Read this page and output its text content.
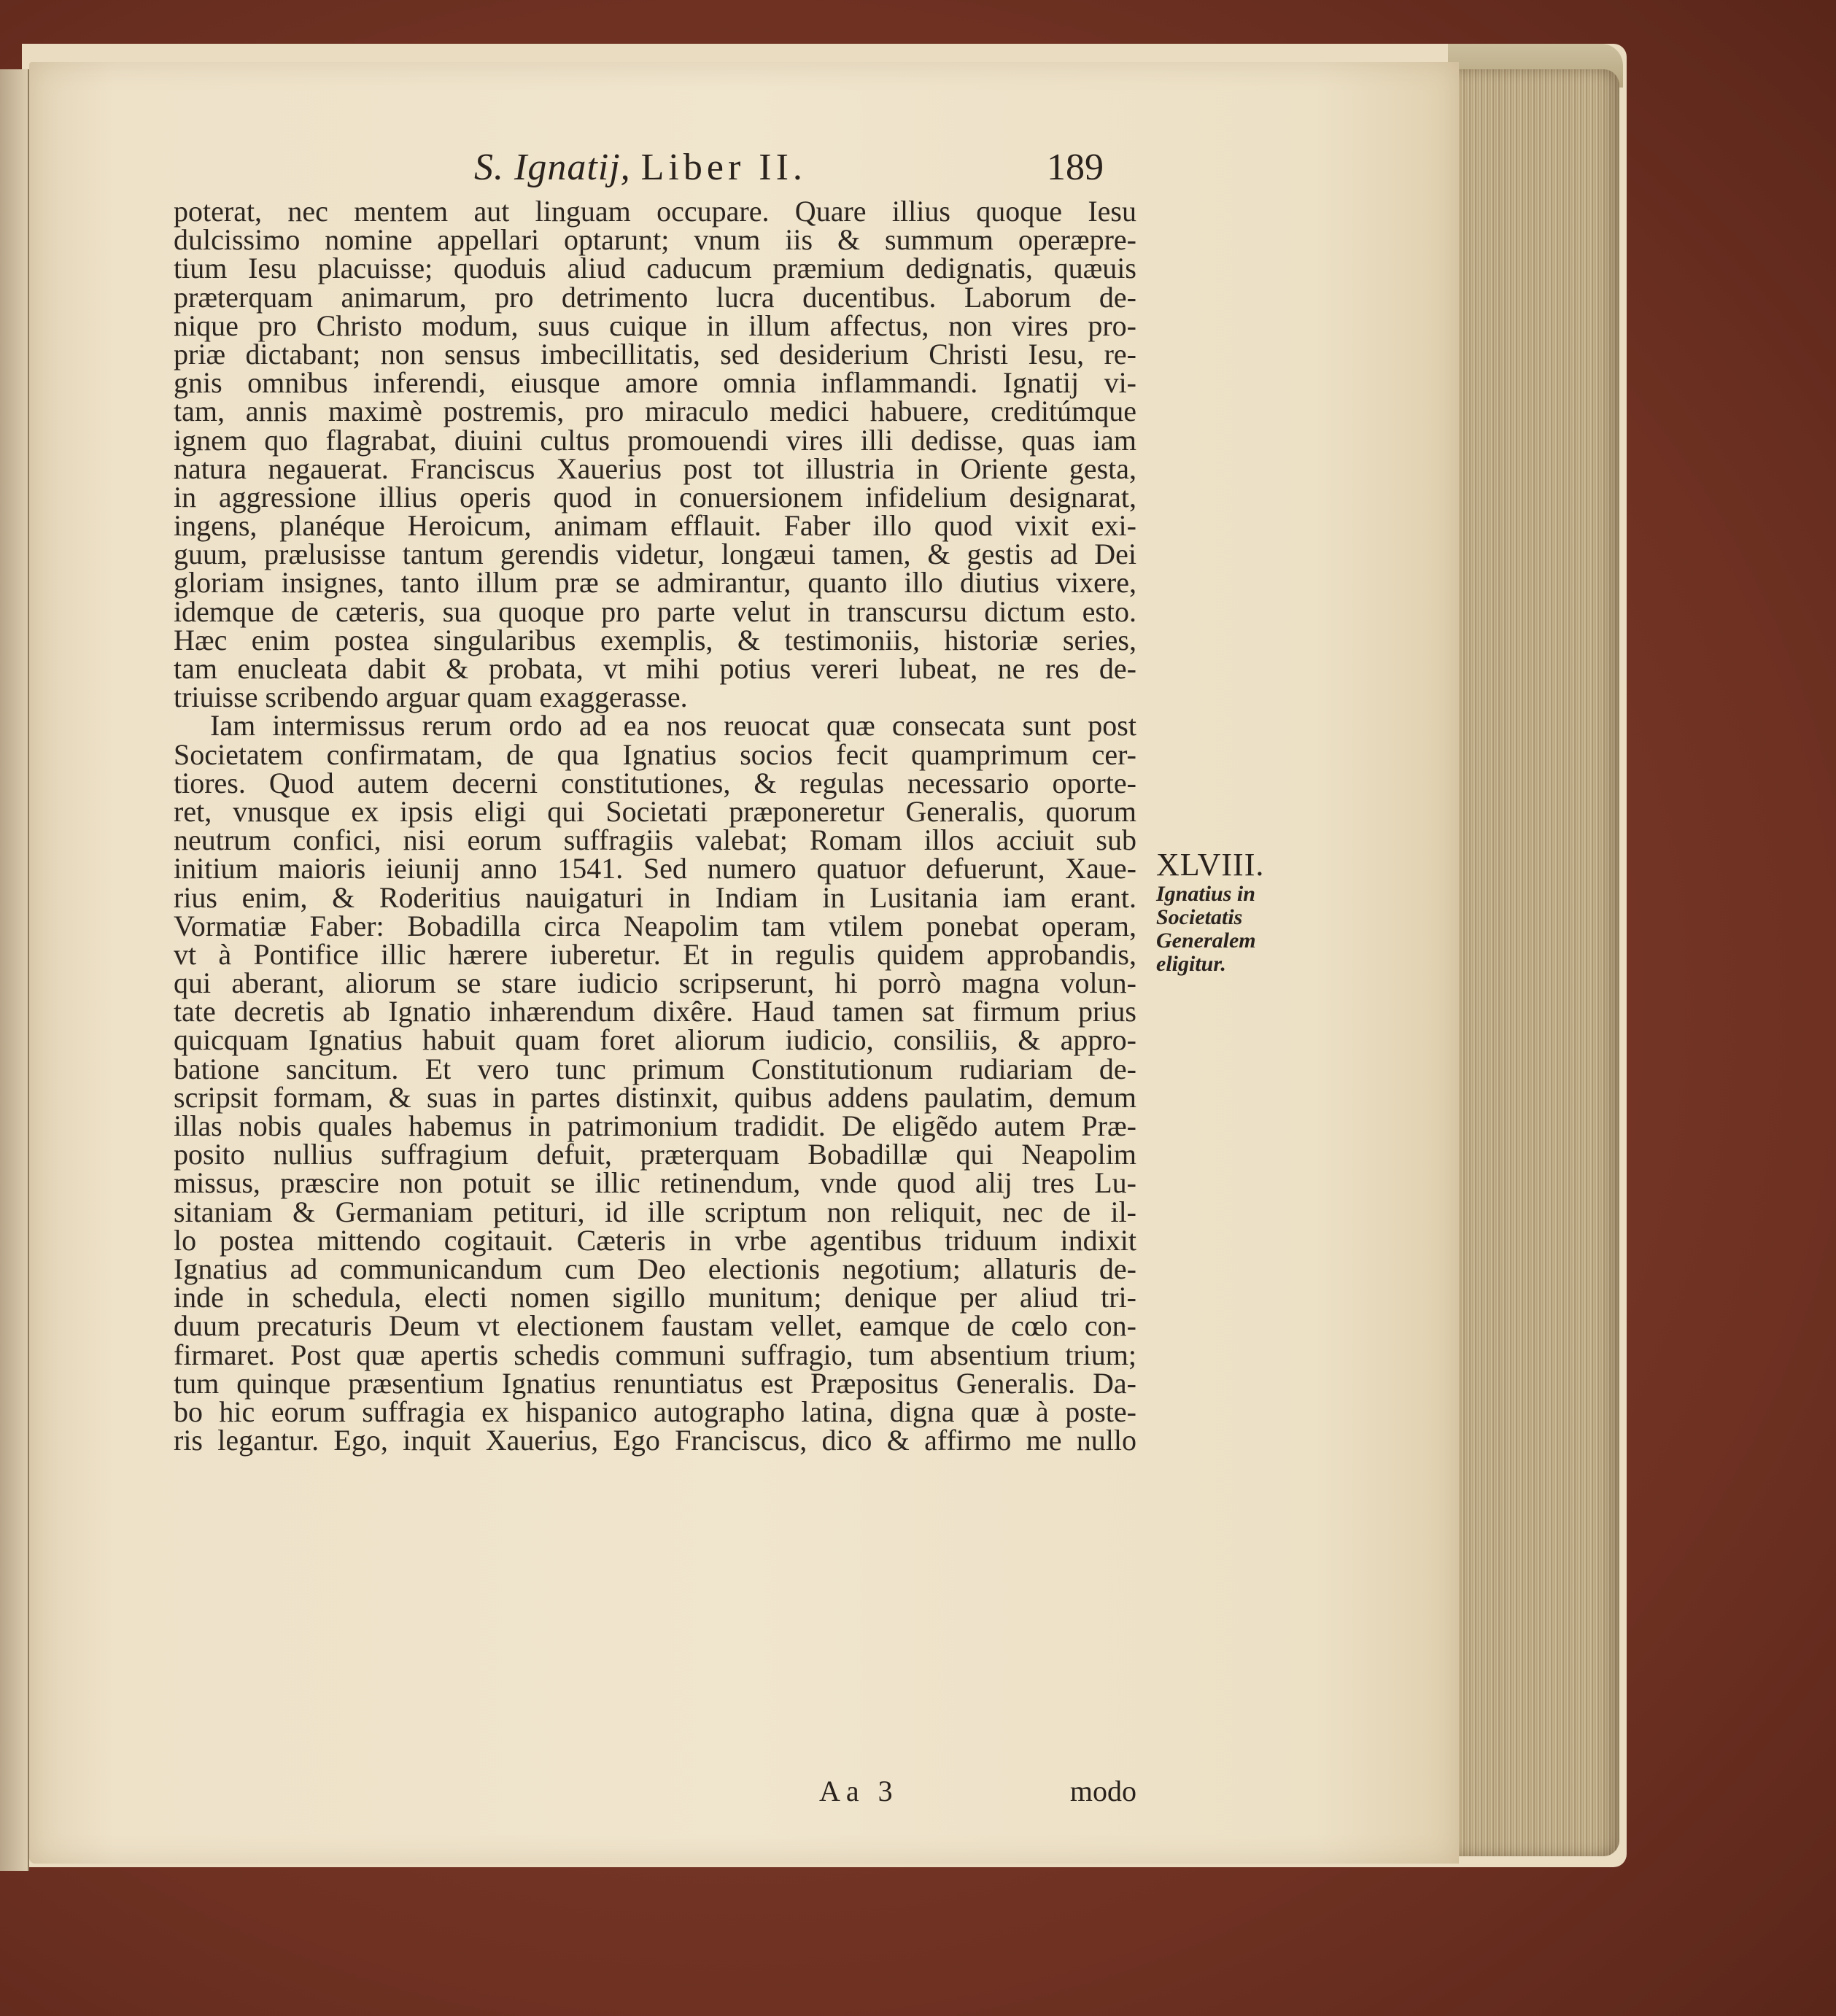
S. Ignatij, Liber II.	189
poterat, nec mentem aut linguam occupare. Quare illius quoque Iesu
dulcissimo nomine appellari optarunt; vnum iis & summum operæpre-
tium Iesu placuisse; quoduis aliud caducum præmium dedignatis, quæuis
præterquam animarum, pro detrimento lucra ducentibus. Laborum de-
nique pro Christo modum, suus cuique in illum affectus, non vires pro-
priæ dictabant; non sensus imbecillitatis, sed desiderium Christi Iesu, re-
gnis omnibus inferendi, eiusque amore omnia inflammandi. Ignatij vi-
tam, annis maximè postremis, pro miraculo medici habuere, creditúmque
ignem quo flagrabat, diuini cultus promouendi vires illi dedisse, quas iam
natura negauerat. Franciscus Xauerius post tot illustria in Oriente gesta,
in aggressione illius operis quod in conuersionem infidelium designarat,
ingens, planéque Heroicum, animam efflauit. Faber illo quod vixit exi-
guum, prælusisse tantum gerendis videtur, longæui tamen, & gestis ad Dei
gloriam insignes, tanto illum præ se admirantur, quanto illo diutius vixere,
idemque de cæteris, sua quoque pro parte velut in transcursu dictum esto.
Hæc enim postea singularibus exemplis, & testimoniis, historiæ series,
tam enucleata dabit & probata, vt mihi potius vereri lubeat, ne res de-
triuisse scribendo arguar quam exaggerasse.
Iam intermissus rerum ordo ad ea nos reuocat quæ consecata sunt post
Societatem confirmatam, de qua Ignatius socios fecit quamprimum cer-
tiores. Quod autem decerni constitutiones, & regulas necessario oporte-
ret, vnusque ex ipsis eligi qui Societati præponeretur Generalis, quorum
neutrum confici, nisi eorum suffragiis valebat; Romam illos acciuit sub
initium maioris ieiunij anno 1541. Sed numero quatuor defuerunt, Xaue-
rius enim, & Roderitius nauigaturi in Indiam in Lusitania iam erant.
Vormatiæ Faber: Bobadilla circa Neapolim tam vtilem ponebat operam,
vt à Pontifice illic hærere iuberetur. Et in regulis quidem approbandis,
qui aberant, aliorum se stare iudicio scripserunt, hi porrò magna volun-
tate decretis ab Ignatio inhærendum dixêre. Haud tamen sat firmum prius
quicquam Ignatius habuit quam foret aliorum iudicio, consiliis, & appro-
batione sancitum. Et vero tunc primum Constitutionum rudiariam de-
scripsit formam, & suas in partes distinxit, quibus addens paulatim, demum
illas nobis quales habemus in patrimonium tradidit. De eligẽdo autem Præ-
posito nullius suffragium defuit, præterquam Bobadillæ qui Neapolim
missus, præscire non potuit se illic retinendum, vnde quod alij tres Lu-
sitaniam & Germaniam petituri, id ille scriptum non reliquit, nec de il-
lo postea mittendo cogitauit. Cæteris in vrbe agentibus triduum indixit
Ignatius ad communicandum cum Deo electionis negotium; allaturis de-
inde in schedula, electi nomen sigillo munitum; denique per aliud tri-
duum precaturis Deum vt electionem faustam vellet, eamque de cœlo con-
firmaret. Post quæ apertis schedis communi suffragio, tum absentium trium;
tum quinque præsentium Ignatius renuntiatus est Præpositus Generalis. Da-
bo hic eorum suffragia ex hispanico autographo latina, digna quæ à poste-
ris legantur. Ego, inquit Xauerius, Ego Franciscus, dico & affirmo me nullo
XLVIII.
Ignatius in
Societatis
Generalem
eligitur.
Aa 3	modo
